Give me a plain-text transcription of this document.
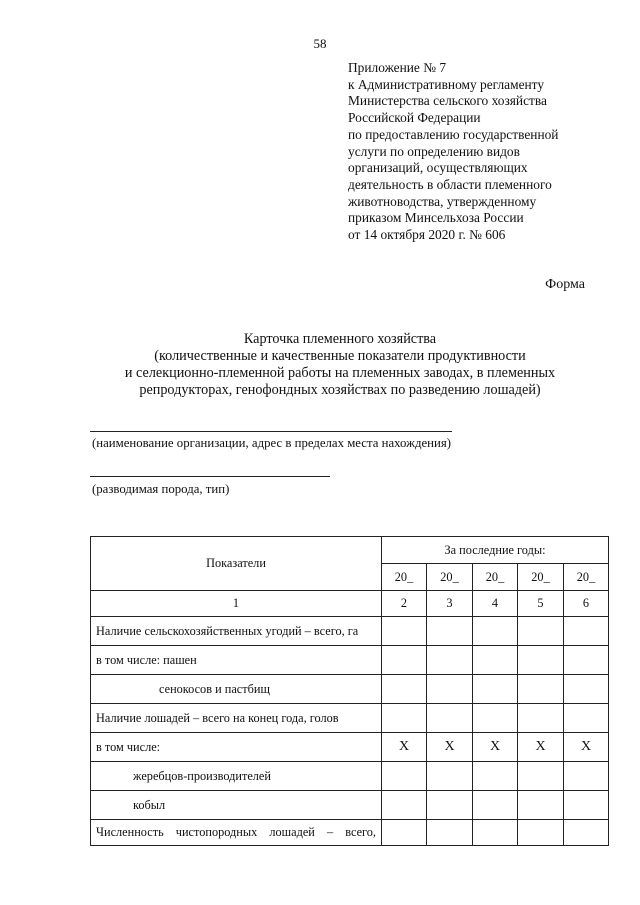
58
Приложение № 7
к Административному регламенту
Министерства сельского хозяйства
Российской Федерации
по предоставлению государственной
услуги по определению видов
организаций, осуществляющих
деятельность в области племенного
животноводства, утвержденному
приказом Минсельхоза России
от 14 октября 2020 г. № 606
Форма
Карточка племенного хозяйства
(количественные и качественные показатели продуктивности
и селекционно-племенной работы на племенных заводах, в племенных
репродукторах, генофондных хозяйствах по разведению лошадей)
(наименование организации, адрес в пределах места нахождения)
(разводимая порода, тип)
Показатели	За последние годы:				
	20_	20_	20_	20_	20_
1	2	3	4	5	6
Наличие сельскохозяйственных угодий – всего, га					
в том числе: пашен					
сенокосов и пастбищ					
Наличие лошадей – всего на конец года, голов					
в том числе:	Х	Х	Х	Х	Х
жеребцов-производителей					
кобыл					
Численность чистопородных лошадей – всего,					
